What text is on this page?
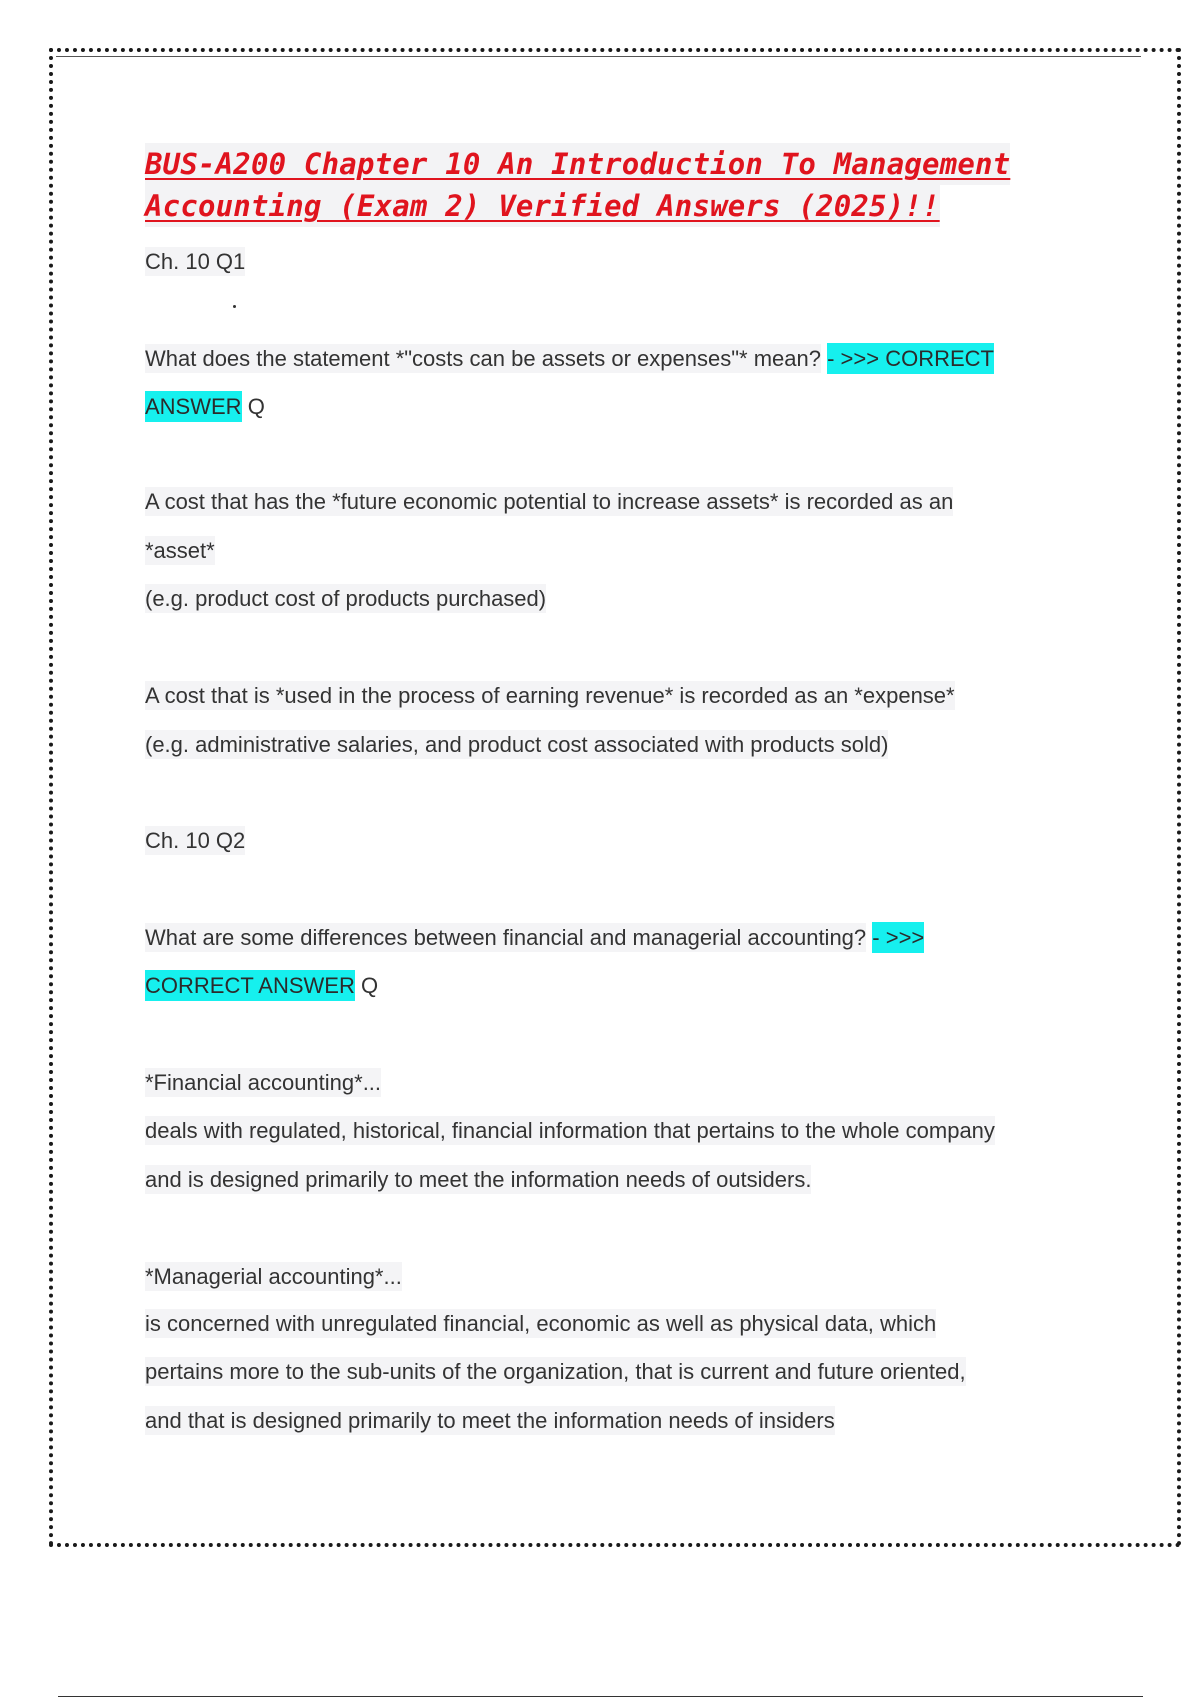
BUS-A200 Chapter 10 An Introduction To Management
Accounting (Exam 2) Verified Answers (2025)!!
Ch. 10 Q1
What does the statement *"costs can be assets or expenses"* mean? - >>> CORRECT
ANSWER Q
A cost that has the *future economic potential to increase assets* is recorded as an
*asset*
(e.g. product cost of products purchased)
A cost that is *used in the process of earning revenue* is recorded as an *expense*
(e.g. administrative salaries, and product cost associated with products sold)
Ch. 10 Q2
What are some differences between financial and managerial accounting? - >>>
CORRECT ANSWER Q
*Financial accounting*...
deals with regulated, historical, financial information that pertains to the whole company
and is designed primarily to meet the information needs of outsiders.
*Managerial accounting*...
is concerned with unregulated financial, economic as well as physical data, which
pertains more to the sub-units of the organization, that is current and future oriented,
and that is designed primarily to meet the information needs of insiders
